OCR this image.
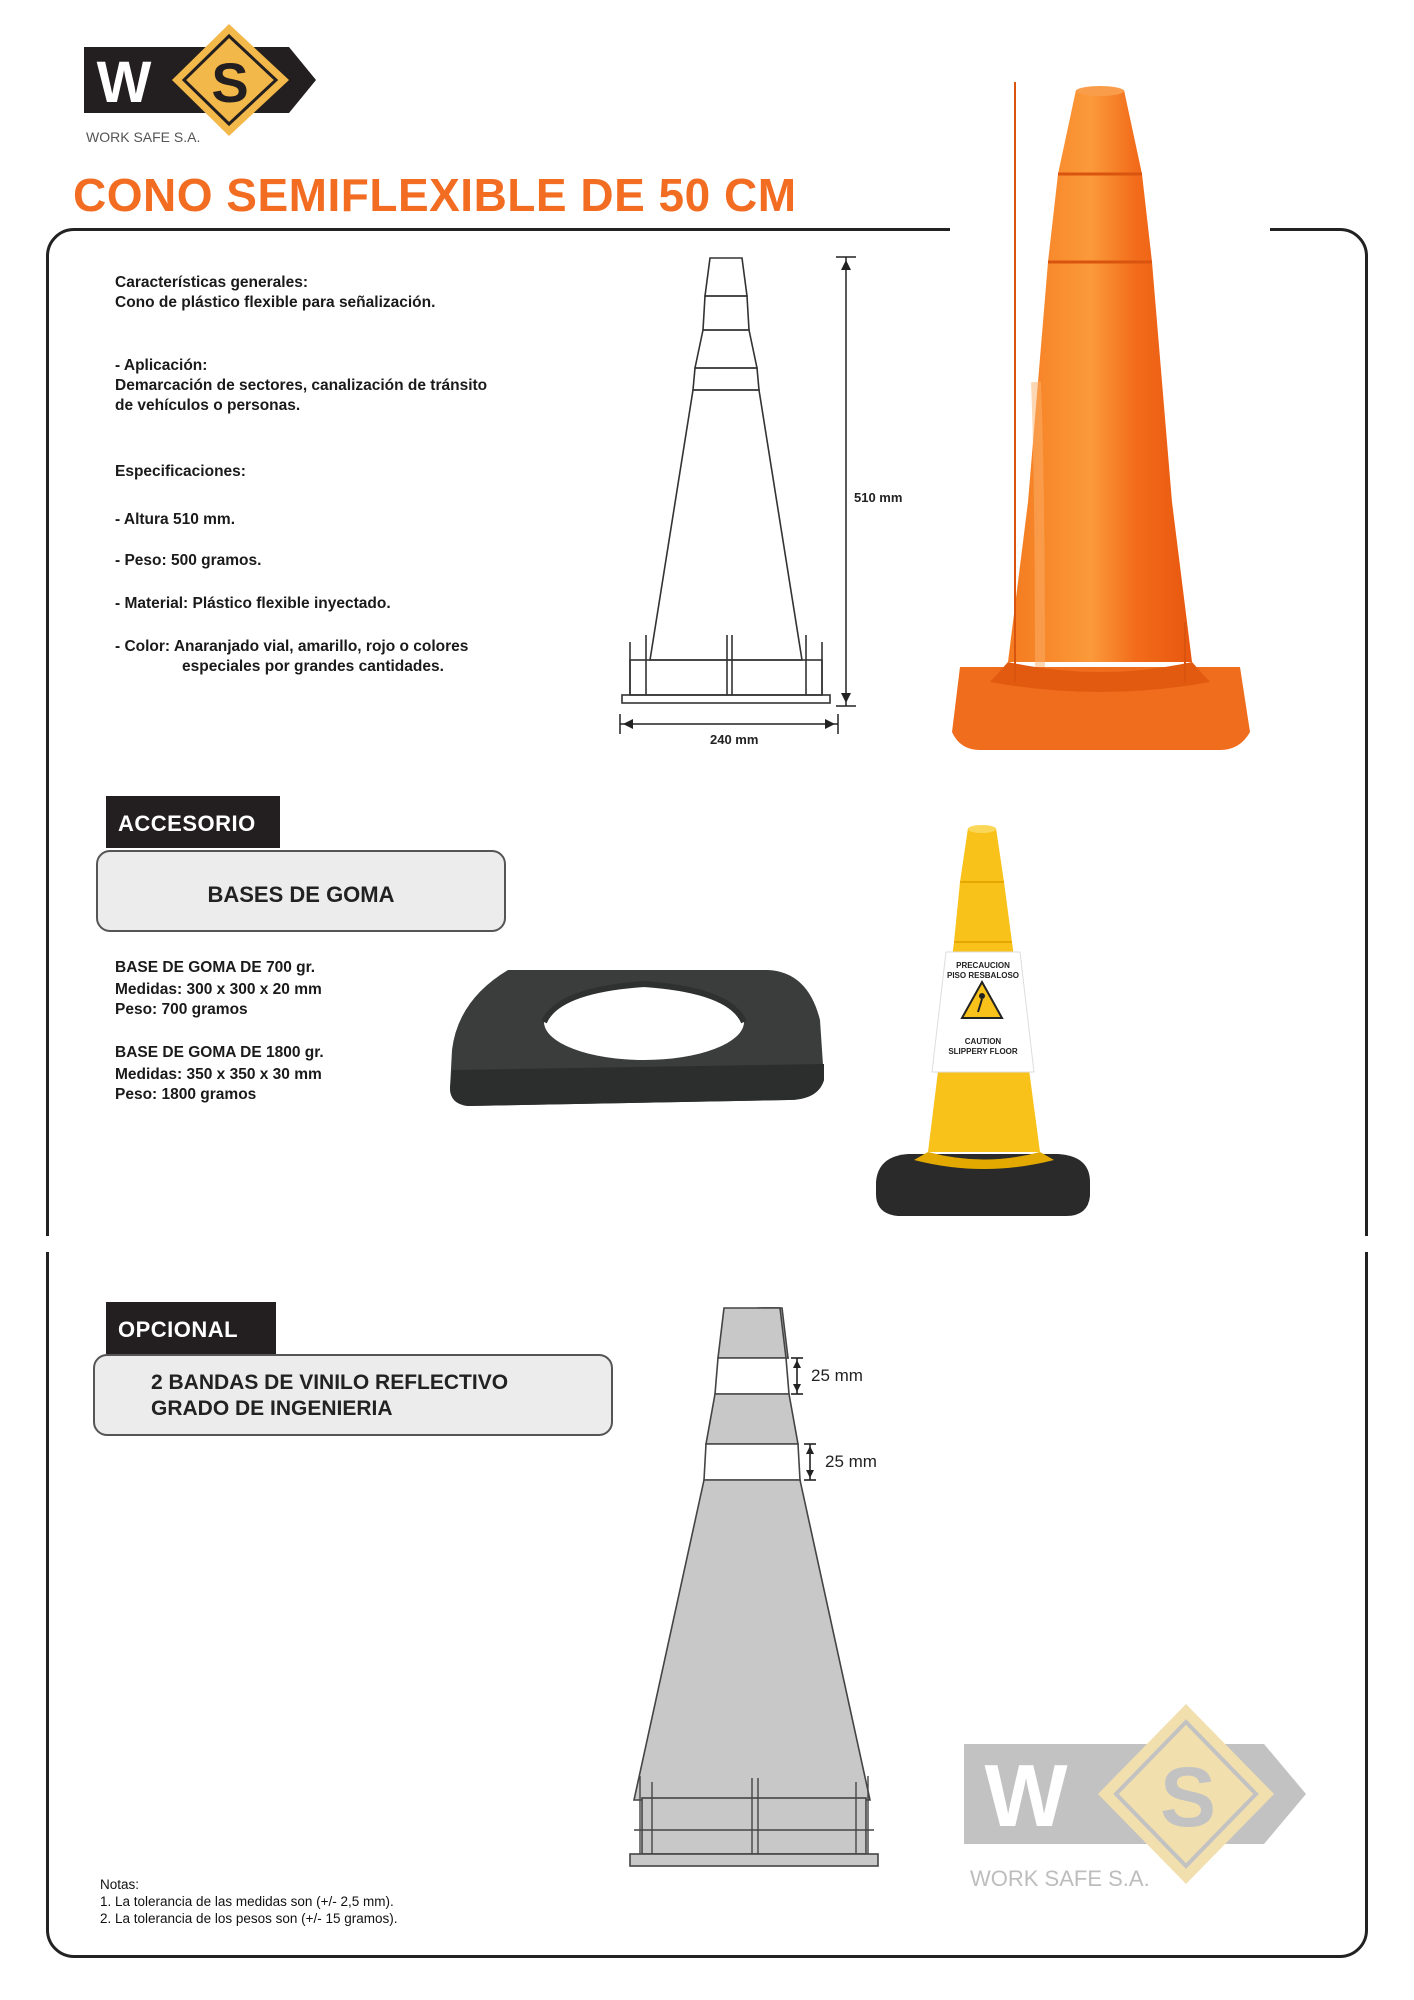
W S
WORK SAFE S.A.
CONO SEMIFLEXIBLE DE 50 CM
Características generales:
Cono de plástico flexible para señalización.
- Aplicación:
Demarcación de sectores, canalización de tránsito
de vehículos o personas.
Especificaciones:
- Altura 510 mm.
- Peso: 500 gramos.
- Material: Plástico flexible inyectado.
- Color: Anaranjado vial, amarillo, rojo o colores
especiales por grandes cantidades.
510 mm
240 mm
ACCESORIO
BASES DE GOMA
BASE DE GOMA DE 700 gr.
Medidas: 300 x 300 x 20 mm
Peso: 700 gramos
BASE DE GOMA DE 1800 gr.
Medidas: 350 x 350 x 30 mm
Peso: 1800 gramos
PRECAUCION
PISO RESBALOSO
CAUTION
SLIPPERY FLOOR
OPCIONAL
2 BANDAS DE VINILO REFLECTIVO
GRADO DE INGENIERIA
25 mm
25 mm
W S
WORK SAFE S.A.
Notas:
1. La tolerancia de las medidas son (+/- 2,5 mm).
2. La tolerancia de los pesos son (+/- 15 gramos).
